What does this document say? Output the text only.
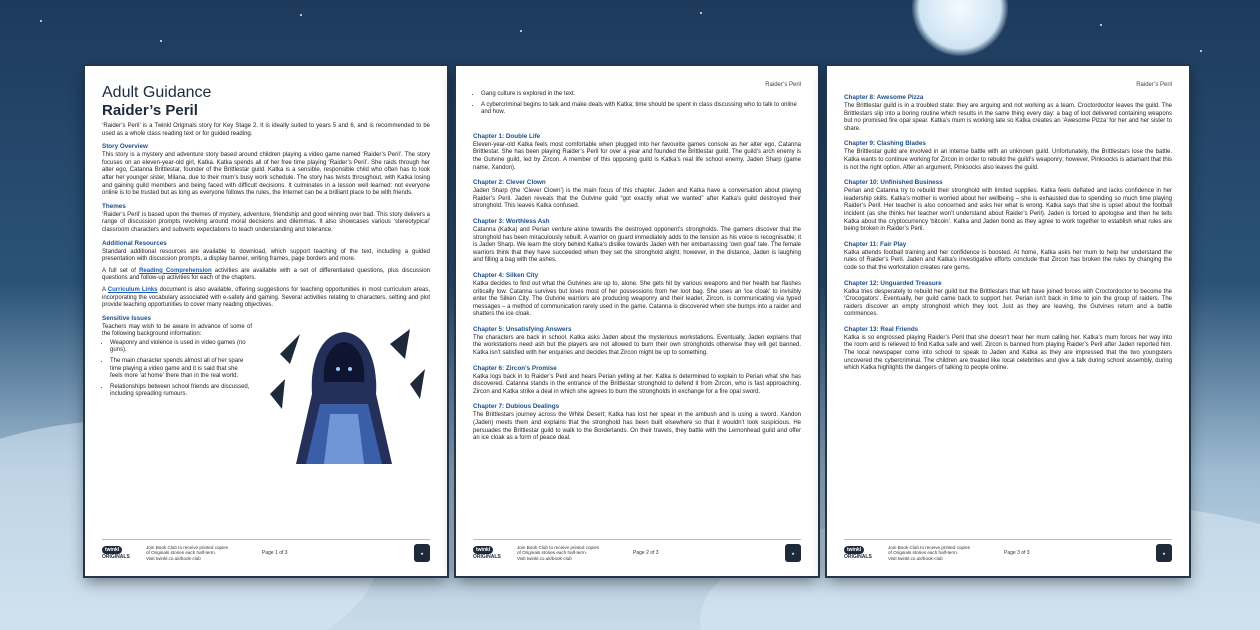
Adult Guidance
Raider’s Peril

‘Raider’s Peril’ is a Twinkl Originals story for Key Stage 2. It is ideally suited to years 5 and 6, and is recommended to be used as a whole class reading text or for guided reading.

Story Overview

This story is a mystery and adventure story based around children playing a video game named ‘Raider’s Peril’. The story focuses on an eleven-year-old girl, Katka. Katka spends all of her free time playing ‘Raider’s Peril’. She raids through her alter ego, Catanna Brittlestar, founder of the Brittlestar guild. Katka is a sensible, responsible child who often has to look after her younger sister, Milana, due to their mum’s busy work schedule. The story has twists throughout, with Katka losing and gaining guild members and being faced with difficult decisions. It culminates in a lesson well learned: not everyone online is to be trusted but as long as everyone follows the rules, the Internet can be a brilliant place to be with friends.

Themes

‘Raider’s Peril’ is based upon the themes of mystery, adventure, friendship and good winning over bad. This story delivers a range of discussion prompts revolving around moral decisions and dilemmas. It also showcases various ‘stereotypical’ classroom characters and subverts expectations to teach understanding and tolerance.

Additional Resources

Standard additional resources are available to download, which support teaching of the text, including a guided presentation with discussion prompts, a display banner, writing frames, page borders and more.

A full set of Reading Comprehension activities are available with a set of differentiated questions, plus discussion questions and follow-up activities for each of the chapters.

A Curriculum Links document is also available, offering suggestions for teaching opportunities in most curriculum areas, incorporating the vocabulary associated with e-safety and gaming. Several activities relating to characters, setting and plot provide teaching opportunities to cover many reading objectives.

Sensitive Issues

Teachers may wish to be aware in advance of some of the following background information:

• Weaponry and violence is used in video games (no guns).
• The main character spends almost all of her spare time playing a video game and it is said that she feels more ‘at home’ there than in the real world.
• Relationships between school friends are discussed, including spreading rumours.
twinkl
ORIGINALS
Join Book Club to receive printed copies
of Originals stories each half-term.
Visit twinkl.co.uk/book-club
Page 1 of 3	★
Raider’s Peril
• Gang culture is explored in the text.
• A cybercriminal begins to talk and make deals with Katka; time should be spent in class discussing who to talk to online and how.
Chapter 1: Double Life

Eleven-year-old Katka feels most comfortable when plugged into her favourite games console as her alter ego, Catanna Brittlestar. She has been playing Raider’s Peril for over a year and founded the Brittlestar guild. The guild’s arch enemy is the Gutvine guild, led by Zircon. A member of this opposing guild is Katka’s real life school enemy, Jaden Sharp (game name, Xandon).

Chapter 2: Clever Clown

Jaden Sharp (the ‘Clever Clown’) is the main focus of this chapter. Jaden and Katka have a conversation about playing Raider’s Peril. Jaden reveals that the Gutvine guild “got exactly what we wanted” after Katka’s guild destroyed their stronghold. This leaves Katka confused.

Chapter 3: Worthless Ash

Catanna (Katka) and Perian venture alone towards the destroyed opponent’s strongholds. The gamers discover that the stronghold has been miraculously rebuilt. A warrior on guard immediately adds to the tension as his voice is recognisable; it is Jaden Sharp. We learn the story behind Katka’s dislike towards Jaden with her embarrassing ‘own goal’ tale. The female warriors think that they have succeeded when they set the stronghold alight; however, in the distance, Jaden is laughing and filling a bag with the ashes.

Chapter 4: Silken City

Katka decides to find out what the Gutvines are up to, alone. She gets hit by various weapons and her health bar flashes critically low. Catanna survives but loses most of her possessions from her loot bag. She uses an ‘ice cloak’ to invisibly enter the Silken City. The Gutvine warriors are producing weaponry and their leader, Zircon, is communicating via typed messages – a method of communication rarely used in the game. Catanna is discovered when she bumps into a raider and shatters the ice cloak.

Chapter 5: Unsatisfying Answers

The characters are back in school. Katka asks Jaden about the mysterious workstations. Eventually, Jaden explains that the workstations need ash but the players are not allowed to burn their own strongholds otherwise they will get banned. Katka isn’t satisfied with her enquiries and decides that Zircon might be up to something.

Chapter 6: Zircon’s Promise

Katka logs back in to Raider’s Peril and hears Perian yelling at her. Katka is determined to explain to Perian what she has discovered. Catanna stands in the entrance of the Brittlestar stronghold to defend it from Zircon, who is fast approaching. Zircon and Katka strike a deal in which she agrees to burn the strongholds in exchange for a fire opal sword.

Chapter 7: Dubious Dealings

The Brittlestars journey across the White Desert; Katka has lost her spear in the ambush and is using a sword. Xandon (Jaden) meets them and explains that the stronghold has been built elsewhere so that it wouldn’t look suspicious. He persuades the Brittlestar guild to walk to the Borderlands. On their travels, they battle with the Lemonhead guild and offer an ice cloak as a form of peace deal.

twinkl
ORIGINALS
Join Book Club to receive printed copies
of Originals stories each half-term.
Visit twinkl.co.uk/book-club
Page 2 of 3	★
Raider’s Peril
Chapter 8: Awesome Pizza

The Brittlestar guild is in a troubled state: they are arguing and not working as a team. Croctordoctor leaves the guild. The Brittlestars slip into a boring routine which results in the same thing every day: a bag of loot delivered containing weapons but no promised fire opal spear. Katka’s mum is working late so Katka creates an ‘Awesome Pizza’ for her and her sister to share.

Chapter 9: Clashing Blades

The Brittlestar guild are involved in an intense battle with an unknown guild. Unfortunately, the Brittlestars lose the battle. Katka wants to continue working for Zircon in order to rebuild the guild’s weaponry; however, Pinksocks is adamant that this is not the right option. After an argument, Pinksocks also leaves the guild.

Chapter 10: Unfinished Business

Perian and Catanna try to rebuild their stronghold with limited supplies. Katka feels deflated and lacks confidence in her leadership skills. Katka’s mother is worried about her wellbeing – she is exhausted due to spending so much time playing Raider’s Peril. Her teacher is also concerned and asks her what is wrong. Katka says that she is upset about the football incident (as she thinks her teacher won’t understand about Raider’s Peril). Jaden is forced to apologise and then he tells Katka about the cryptocurrency ‘bitcoin’. Katka and Jaden bond as they agree to work together to establish what rules are being broken in Raider’s Peril.

Chapter 11: Fair Play

Katka attends football training and her confidence is boosted. At home, Katka asks her mum to help her understand the rules of Raider’s Peril. Jaden and Katka’s investigative efforts conclude that Zircon has broken the rules by changing the code so that the workstation creates rare gems.

Chapter 12: Unguarded Treasure

Katka tries desperately to rebuild her guild but the Brittlestars that left have joined forces with Croctordoctor to become the ‘Crocogators’. Eventually, her guild came back to support her. Perian isn’t back in time to join the group of raiders. The raiders discover an empty stronghold which they loot. Just as they are leaving, the Gutvines return and a battle commences.

Chapter 13: Real Friends

Katka is so engrossed playing Raider’s Peril that she doesn’t hear her mum calling her. Katka’s mum forces her way into the room and is relieved to find Katka safe and well. Zircon is banned from playing Raider’s Peril after Jaden reported him. The local newspaper come into school to speak to Jaden and Katka as they are impressed that the two youngsters uncovered the cybercriminal. The children are treated like local celebrities and give a talk during school assembly, during which Katka highlights the dangers of talking to people online.

twinkl
ORIGINALS
Join Book Club to receive printed copies
of Originals stories each half-term.
Visit twinkl.co.uk/book-club
Page 3 of 3	★
